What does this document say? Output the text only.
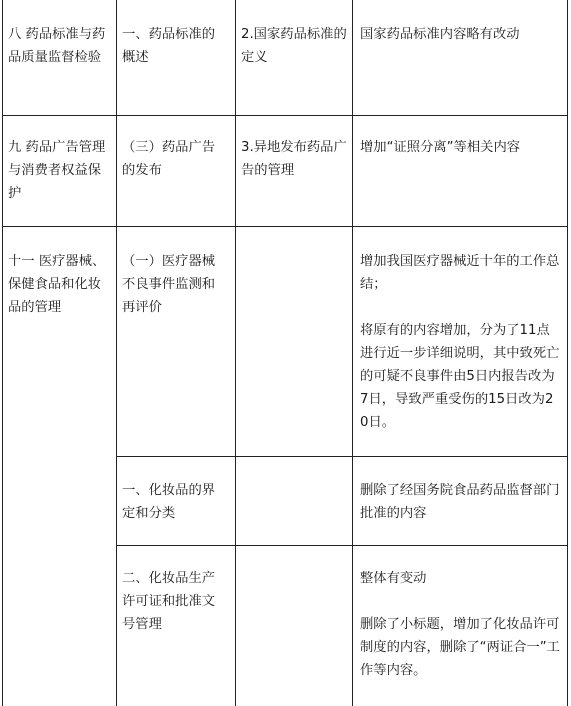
八 药品标准与药品质量监督检验
一、药品标准的概述
2.国家药品标准的定义

国家药品标准内容略有改动

九 药品广告管理与消费者权益保护
（三）药品广告的发布
3.异地发布药品广告的管理

增加“证照分离”等相关内容

十一 医疗器械、保健食品和化妆品的管理
（一）医疗器械不良事件监测和再评价

增加我国医疗器械近十年的工作总结；

将原有的内容增加，分为了11点进行近一步详细说明，其中致死亡的可疑不良事件由5日内报告改为7日，导致严重受伤的15日改为20日。

一、化妆品的界定和分类

删除了经国务院食品药品监督部门批准的内容

二、化妆品生产许可证和批准文号管理

整体有变动

删除了小标题，增加了化妆品许可制度的内容，删除了“两证合一”工作等内容。
